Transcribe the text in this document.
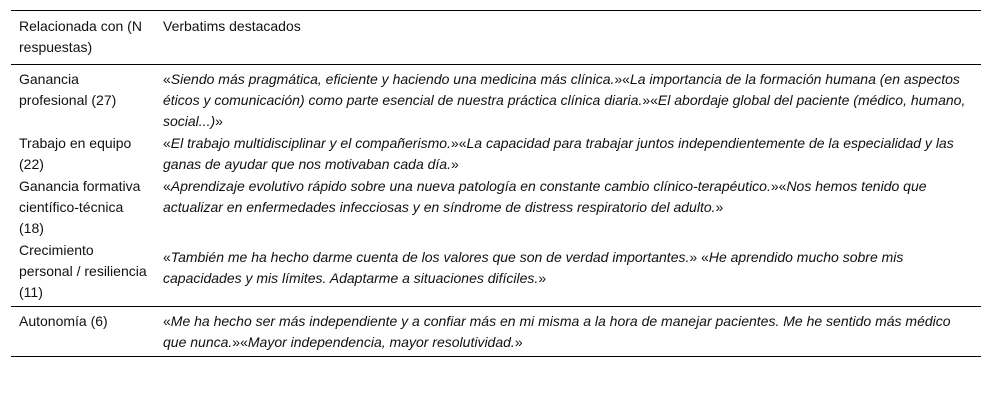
Relacionada con (N respuestas)	Verbatims destacados
Ganancia profesional (27)	«Siendo más pragmática, eficiente y haciendo una medicina más clínica.»«La importancia de la formación humana (en aspectos éticos y comunicación) como parte esencial de nuestra práctica clínica diaria.»«El abordaje global del paciente (médico, humano, social...)»
Trabajo en equipo (22)	«El trabajo multidisciplinar y el compañerismo.»«La capacidad para trabajar juntos independientemente de la especialidad y las ganas de ayudar que nos motivaban cada día.»
Ganancia formativa científico-técnica (18)	«Aprendizaje evolutivo rápido sobre una nueva patología en constante cambio clínico-terapéutico.»«Nos hemos tenido que actualizar en enfermedades infecciosas y en síndrome de distress respiratorio del adulto.»
Crecimiento personal / resiliencia (11)	«También me ha hecho darme cuenta de los valores que son de verdad importantes.» «He aprendido mucho sobre mis capacidades y mis límites. Adaptarme a situaciones difíciles.»
Autonomía (6)	«Me ha hecho ser más independiente y a confiar más en mi misma a la hora de manejar pacientes. Me he sentido más médico que nunca.»«Mayor independencia, mayor resolutividad.»
